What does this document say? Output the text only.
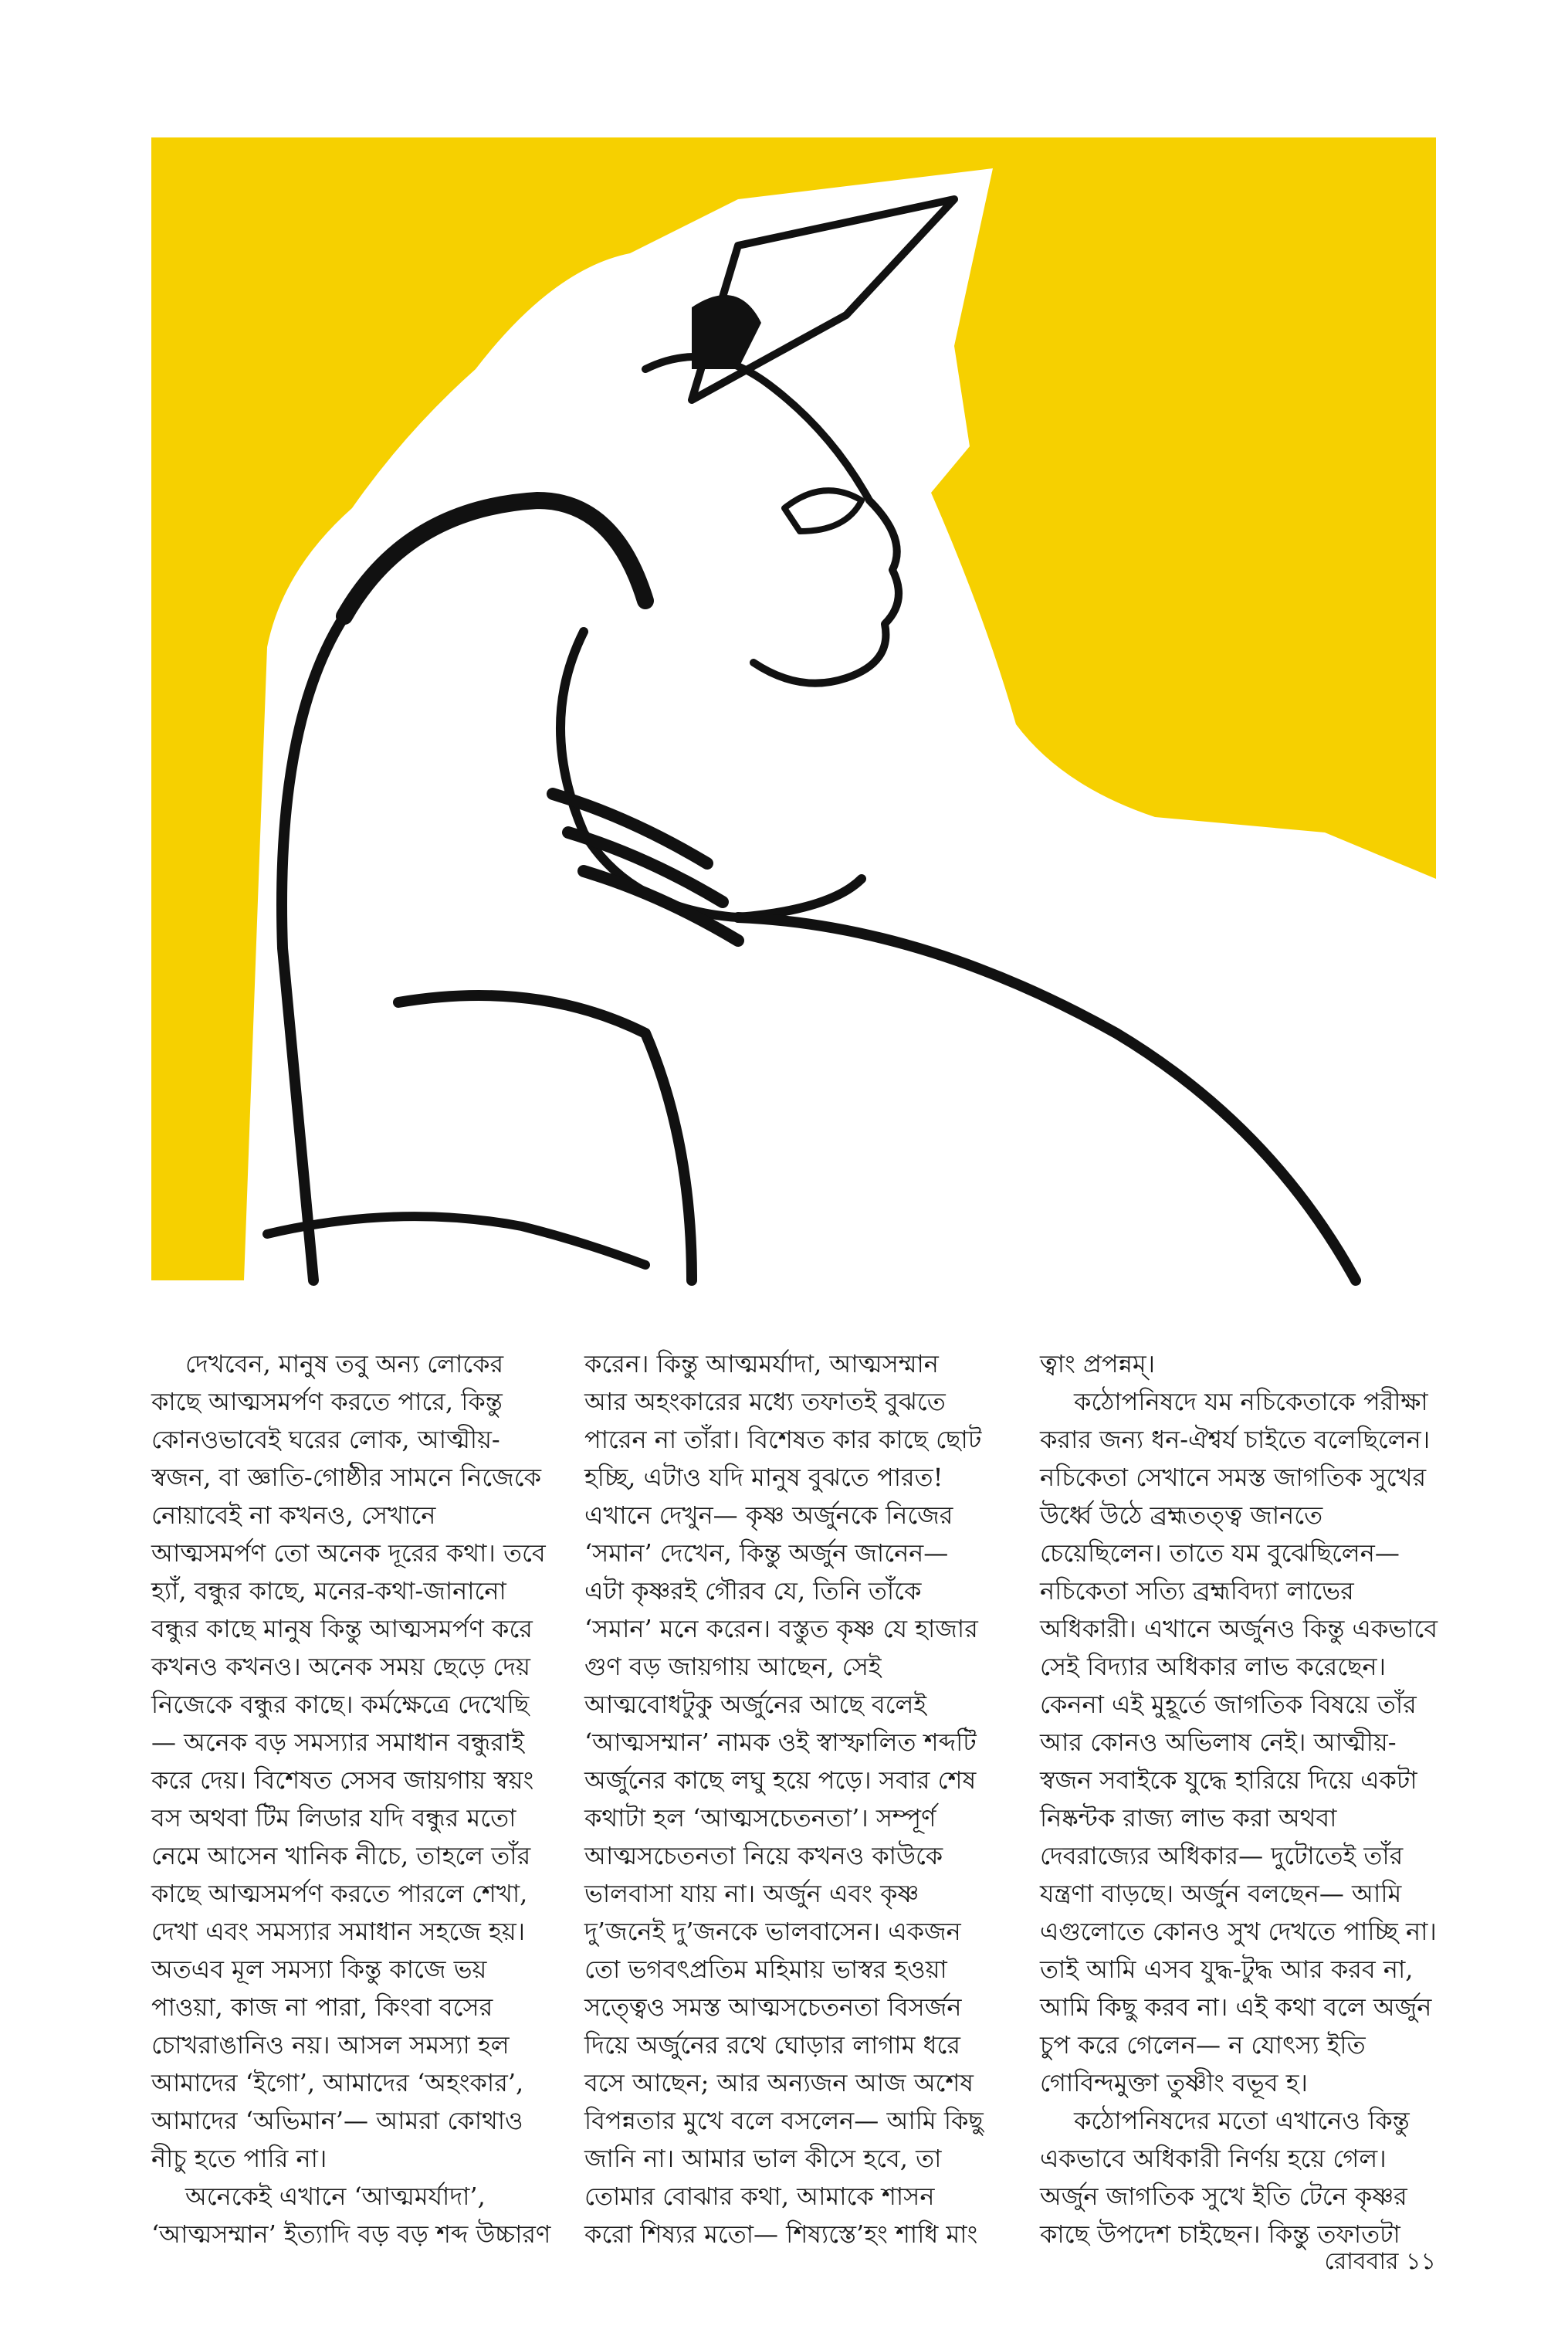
দেখবেন, মানুষ তবু অন্য লোকের কাছে আত্মসমর্পণ করতে পারে, কিন্তু কোনওভাবেই ঘরের লোক, আত্মীয়-স্বজন, বা জ্ঞাতি-গোষ্ঠীর সামনে নিজেকে নোয়াবেই না কখনও, সেখানে আত্মসমর্পণ তো অনেক দূরের কথা। তবে হ্যাঁ, বন্ধুর কাছে, মনের-কথা-জানানো বন্ধুর কাছে মানুষ কিন্তু আত্মসমর্পণ করে কখনও কখনও। অনেক সময় ছেড়ে দেয় নিজেকে বন্ধুর কাছে। কর্মক্ষেত্রে দেখেছি— অনেক বড় সমস্যার সমাধান বন্ধুরাই করে দেয়। বিশেষত সেসব জায়গায় স্বয়ং বস অথবা টিম লিডার যদি বন্ধুর মতো নেমে আসেন খানিক নীচে, তাহলে তাঁর কাছে আত্মসমর্পণ করতে পারলে শেখা, দেখা এবং সমস্যার সমাধান সহজে হয়। অতএব মূল সমস্যা কিন্তু কাজে ভয় পাওয়া, কাজ না পারা, কিংবা বসের চোখরাঙানিও নয়। আসল সমস্যা হল আমাদের ‘ইগো’, আমাদের ‘অহংকার’, আমাদের ‘অভিমান’— আমরা কোথাও নীচু হতে পারি না।

অনেকেই এখানে ‘আত্মমর্যাদা’, ‘আত্মসম্মান’ ইত্যাদি বড় বড় শব্দ উচ্চারণ

করেন। কিন্তু আত্মমর্যাদা, আত্মসম্মান আর অহংকারের মধ্যে তফাতই বুঝতে পারেন না তাঁরা। বিশেষত কার কাছে ছোট হচ্ছি, এটাও যদি মানুষ বুঝতে পারত! এখানে দেখুন— কৃষ্ণ অর্জুনকে নিজের ‘সমান’ দেখেন, কিন্তু অর্জুন জানেন— এটা কৃষ্ণরই গৌরব যে, তিনি তাঁকে ‘সমান’ মনে করেন। বস্তুত কৃষ্ণ যে হাজার গুণ বড় জায়গায় আছেন, সেই আত্মবোধটুকু অর্জুনের আছে বলেই ‘আত্মসম্মান’ নামক ওই স্বাস্ফালিত শব্দটি অর্জুনের কাছে লঘু হয়ে পড়ে। সবার শেষ কথাটা হল ‘আত্মসচেতনতা’। সম্পূর্ণ আত্মসচেতনতা নিয়ে কখনও কাউকে ভালবাসা যায় না। অর্জুন এবং কৃষ্ণ দু’জনেই দু’জনকে ভালবাসেন। একজন তো ভগবৎপ্রতিম মহিমায় ভাস্বর হওয়া সত্ত্বেও সমস্ত আত্মসচেতনতা বিসর্জন দিয়ে অর্জুনের রথে ঘোড়ার লাগাম ধরে বসে আছেন; আর অন্যজন আজ অশেষ বিপন্নতার মুখে বলে বসলেন— আমি কিছু জানি না। আমার ভাল কীসে হবে, তা তোমার বোঝার কথা, আমাকে শাসন করো শিষ্যর মতো— শিষ্যস্তে’হং শাধি মাং

ত্বাং প্রপন্নম্।

কঠোপনিষদে যম নচিকেতাকে পরীক্ষা করার জন্য ধন-ঐশ্বর্য চাইতে বলেছিলেন। নচিকেতা সেখানে সমস্ত জাগতিক সুখের উর্ধ্বে উঠে ব্রহ্মতত্ত্ব জানতে চেয়েছিলেন। তাতে যম বুঝেছিলেন— নচিকেতা সত্যি ব্রহ্মবিদ্যা লাভের অধিকারী। এখানে অর্জুনও কিন্তু একভাবে সেই বিদ্যার অধিকার লাভ করেছেন। কেননা এই মুহূর্তে জাগতিক বিষয়ে তাঁর আর কোনও অভিলাষ নেই। আত্মীয়-স্বজন সবাইকে যুদ্ধে হারিয়ে দিয়ে একটা নিষ্কন্টক রাজ্য লাভ করা অথবা দেবরাজ্যের অধিকার— দুটোতেই তাঁর যন্ত্রণা বাড়ছে। অর্জুন বলছেন— আমি এগুলোতে কোনও সুখ দেখতে পাচ্ছি না। তাই আমি এসব যুদ্ধ-টুদ্ধ আর করব না, আমি কিছু করব না। এই কথা বলে অর্জুন চুপ করে গেলেন— ন যোৎস্য ইতি গোবিন্দমুক্তা তুষ্ণীং বভূব হ।

কঠোপনিষদের মতো এখানেও কিন্তু একভাবে অধিকারী নির্ণয় হয়ে গেল। অর্জুন জাগতিক সুখে ইতি টেনে কৃষ্ণর কাছে উপদেশ চাইছেন। কিন্তু তফাতটা

রোববার ১১
